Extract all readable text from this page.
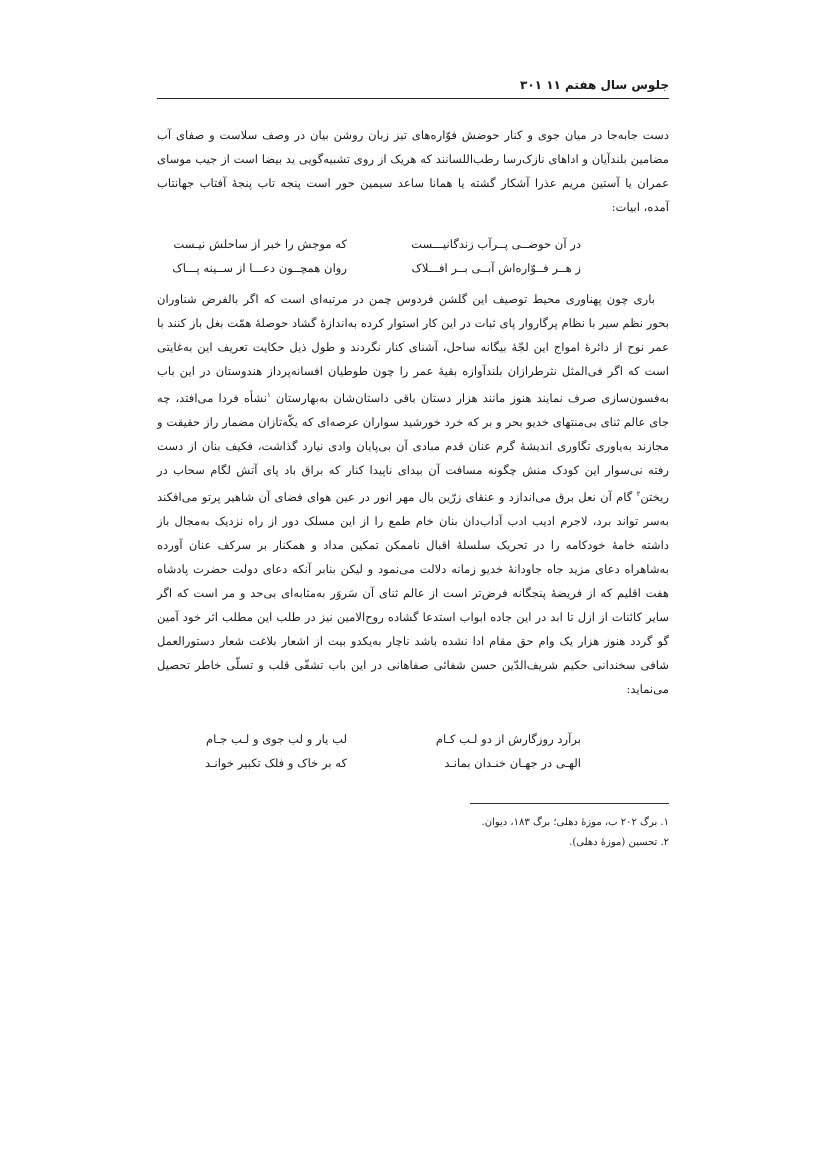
جلوس سال هفتم ۱۱ ۳۰۱

دست جابه‌جا در میان جوی و کنار حوضش فوّاره‌های تیز زبان روشن بیان در وصف سلاست و صفای آب مضامین بلندآیان و اداهای نازک‌رسا رطب‌اللسانند که هریک از روی تشبیه‌گویی ید بیضا است از جیب موسای عمران یا آستین مریم عذرا آشکار گشته یا همانا ساعد سیمین حور است پنجه تاب پنجهٔ آفتاب جهانتاب آمده، ابیات:

در آن حوضــی پــرآب زندگانیـــست
که موجش را خبر از ساحلش نیـست
ز هــر فــوّاره‌اش آبــی بــر افـــلاک
روان همچــون دعـــا از ســینه پـــاک

باری چون پهناوری محیط توصیف این گلشن فردوس چمن در مرتبه‌ای است که اگر بالفرض شناوران بحور نظم سیر با نظام پرگاروار پای ثبات در این کار استوار کرده به‌اندازهٔ گشاد حوصلهٔ همّت بغل باز کنند با عمر نوح از دائرهٔ امواج این لجّهٔ بیگانه ساحل، آشنای کنار نگردند و طول ذیل حکایت تعریف این به‌غایتی است که اگر فی‌المثل نثرطرازان بلندآوازه بقیهٔ عمر را چون طوطیان افسانه‌پرداز هندوستان در این باب به‌فسون‌سازی صرف نمایند هنوز مانند هزار دستان باقی داستان‌شان به‌بهارستان $^۱$نشأه فردا می‌افتد، چه جای عالم ثنای بی‌منتهای خدیو بحر و بر که خرد خورشید سواران عرصه‌ای که یکّه‌تازان مضمار راز حقیقت و مجازند به‌یاوری تگاوری اندیشهٔ گرم عنان قدم مبادی آن بی‌پایان وادی نیارد گذاشت، فکیف بنان از دست رفته نی‌سوار این کودک منش چگونه مسافت آن بیدای ناپیدا کنار که براق باد پای آتش لگام سحاب در ریختن$^۲$ گام آن نعل برق می‌اندازد و عنقای زرّین بال مهر انور در عین هوای فضای آن شاهیر پرتو می‌افکند به‌سر تواند برد، لاجرم ادیب ادب آداب‌دان بنان خام طمع را از این مسلک دور از راه نزدیک به‌مجال باز داشته خامهٔ خودکامه را در تحریک سلسلهٔ اقبال ناممکن تمکین مداد و همکنار بر سرکف عنان آورده به‌شاهراه دعای مزید جاه جاودانهٔ خدیو زمانه دلالت می‌نمود و لیکن بنابر آنکه دعای دولت حضرت پادشاه هفت اقلیم که از فریضهٔ پنجگانه فرض‌تر است از عالم ثنای آن سَروَر به‌مثابه‌ای بی‌حد و مر است که اگر سایر کائنات از ازل تا ابد در این جاده ابواب استدعا گشاده روح‌الامین نیز در طلب این مطلب اثر خود آمین گو گردد هنوز هزار یک وام حق مقام ادا نشده باشد ناچار به‌یکدو بیت از اشعار بلاغت شعار دستورالعمل شافی سخندانی حکیم شریف‌الدّین حسن شفائی صفاهانی در این باب تشفّی قلب و تسلّی خاطر تحصیل می‌نماید:

برآرد روزگارش از دو لـب کـام
لب یار و لب جوی و لـب جـام
الهـی در جهـان خنـدان بمانـد
که بر خاک و فلک تکبیر خوانـد
۱. برگ ۲۰۲ ب، موزهٔ دهلی؛ برگ ۱۸۳، دیوان.
۲. تحسین (موزهٔ دهلی).
